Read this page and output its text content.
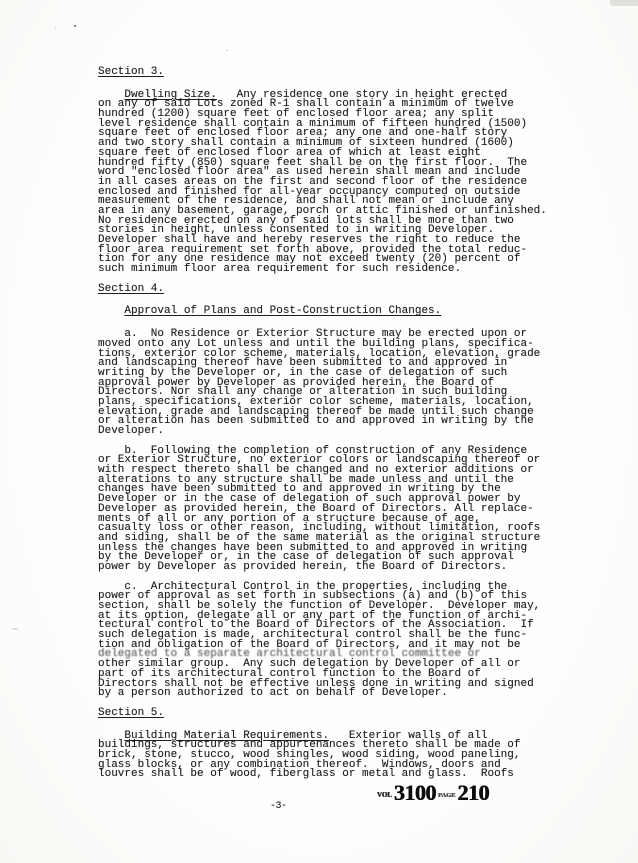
Section 3.
Dwelling Size.   Any residence one story in height erected
on any of said Lots zoned R-1 shall contain a minimum of twelve
hundred (1200) square feet of enclosed floor area; any split
level residence shall contain a minimum of fifteen hundred (1500)
square feet of enclosed floor area; any one and one-half story
and two story shall contain a minimum of sixteen hundred (1600)
square feet of enclosed floor area of which at least eight
hundred fifty (850) square feet shall be on the first floor.  The
word "enclosed floor area" as used herein shall mean and include
in all cases areas on the first and second floor of the residence
enclosed and finished for all-year occupancy computed on outside
measurement of the residence, and shall not mean or include any
area in any basement, garage, porch or attic finished or unfinished.
No residence erected on any of said lots shall be more than two
stories in height, unless consented to in writing Developer.
Developer shall have and hereby reserves the right to reduce the
floor area requirement set forth above, provided the total reduc-
tion for any one residence may not exceed twenty (20) percent of
such minimum floor area requirement for such residence.
Section 4.
Approval of Plans and Post-Construction Changes.
a.  No Residence or Exterior Structure may be erected upon or
moved onto any Lot unless and until the building plans, specifica-
tions, exterior color scheme, materials, location, elevation, grade
and landscaping thereof have been submitted to and approved in
writing by the Developer or, in the case of delegation of such
approval power by Developer as provided herein, the Board of
Directors. Nor shall any change or alteration in such building
plans, specifications, exterior color scheme, materials, location,
elevation, grade and landscaping thereof be made until such change
or alteration has been submitted to and approved in writing by the
Developer.
b.  Following the completion of construction of any Residence
or Exterior Structure, no exterior colors or landscaping thereof or
with respect thereto shall be changed and no exterior additions or
alterations to any structure shall be made unless and until the
changes have been submitted to and approved in writing by the
Developer or in the case of delegation of such approval power by
Developer as provided herein, the Board of Directors. All replace-
ments of all or any portion of a structure because of age,
casualty loss or other reason, including, without limitation, roofs
and siding, shall be of the same material as the original structure
unless the changes have been submitted to and approved in writing
by the Developer or, in the case of delegation of such approval
power by Developer as provided herein, the Board of Directors.
c.  Architectural Control in the properties, including the
power of approval as set forth in subsections (a) and (b) of this
section, shall be solely the function of Developer.  Developer may,
at its option, delegate all or any part of the function of archi-
tectural control to the Board of Directors of the Association.  If
such delegation is made, architectural control shall be the func-
tion and obligation of the Board of Directors, and it may not be
delegated to a separate architectural control committee or
other similar group.  Any such delegation by Developer of all or
part of its architectural control function to the Board of
Directors shall not be effective unless done in writing and signed
by a person authorized to act on behalf of Developer.
Section 5.
Building Material Requirements.   Exterior walls of all
buildings, structures and appurtenances thereto shall be made of
brick, stone, stucco, wood shingles, wood siding, wood paneling,
glass blocks, or any combination thereof.  Windows, doors and
louvres shall be of wood, fiberglass or metal and glass.  Roofs
-3-
VOL 3100 PAGE 210
